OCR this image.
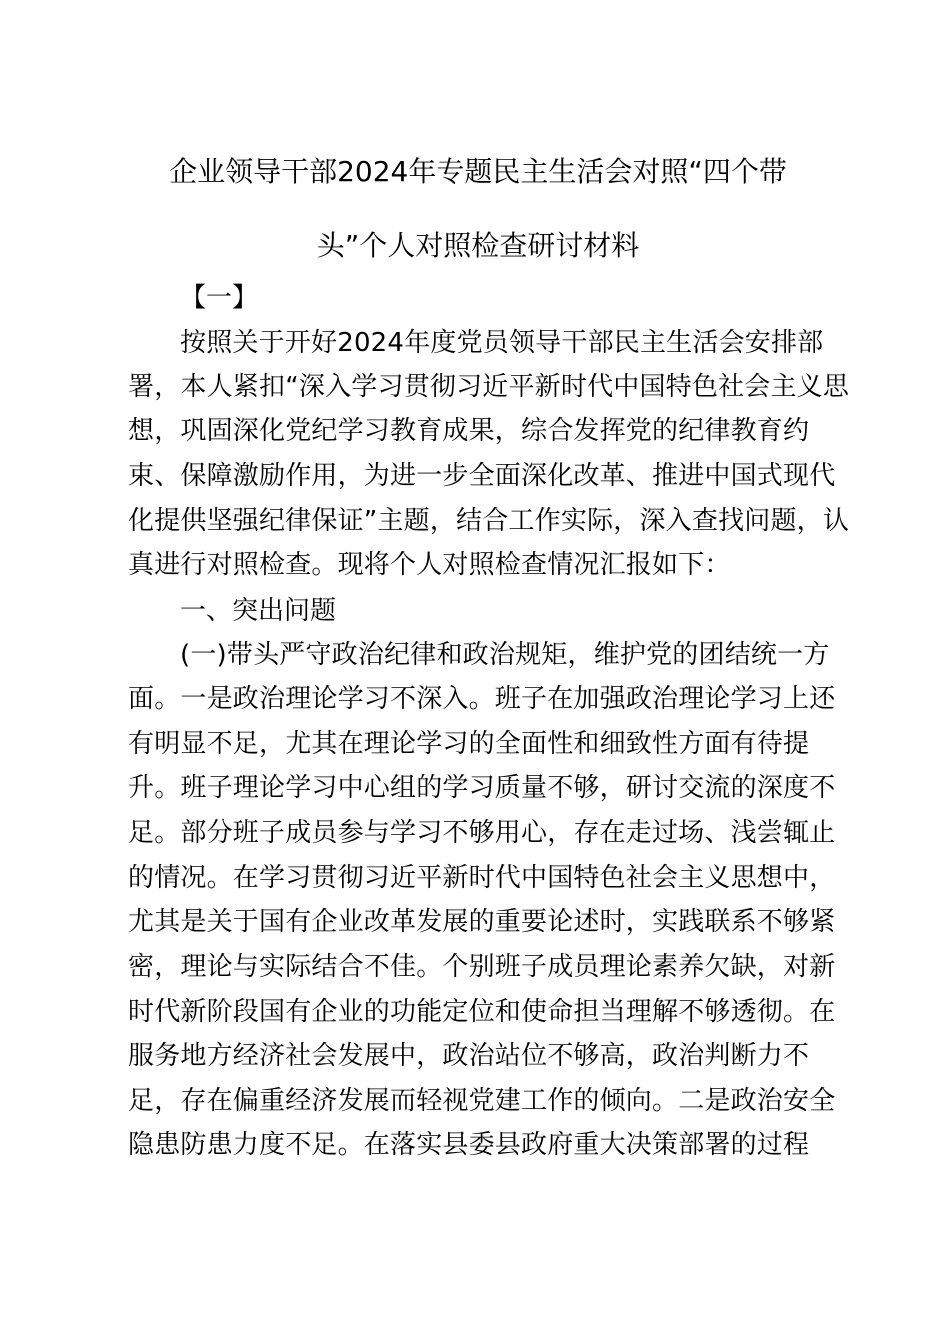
企业领导干部2024年专题民主生活会对照“四个带
头”个人对照检查研讨材料
【一】
按照关于开好2024年度党员领导干部民主生活会安排部
署，本人紧扣“深入学习贯彻习近平新时代中国特色社会主义思
想，巩固深化党纪学习教育成果，综合发挥党的纪律教育约
束、保障激励作用，为进一步全面深化改革、推进中国式现代
化提供坚强纪律保证”主题，结合工作实际，深入查找问题，认
真进行对照检查。现将个人对照检查情况汇报如下：
一、突出问题
(一)带头严守政治纪律和政治规矩，维护党的团结统一方
面。一是政治理论学习不深入。班子在加强政治理论学习上还
有明显不足，尤其在理论学习的全面性和细致性方面有待提
升。班子理论学习中心组的学习质量不够，研讨交流的深度不
足。部分班子成员参与学习不够用心，存在走过场、浅尝辄止
的情况。在学习贯彻习近平新时代中国特色社会主义思想中，
尤其是关于国有企业改革发展的重要论述时，实践联系不够紧
密，理论与实际结合不佳。个别班子成员理论素养欠缺，对新
时代新阶段国有企业的功能定位和使命担当理解不够透彻。在
服务地方经济社会发展中，政治站位不够高，政治判断力不
足，存在偏重经济发展而轻视党建工作的倾向。二是政治安全
隐患防患力度不足。在落实县委县政府重大决策部署的过程
